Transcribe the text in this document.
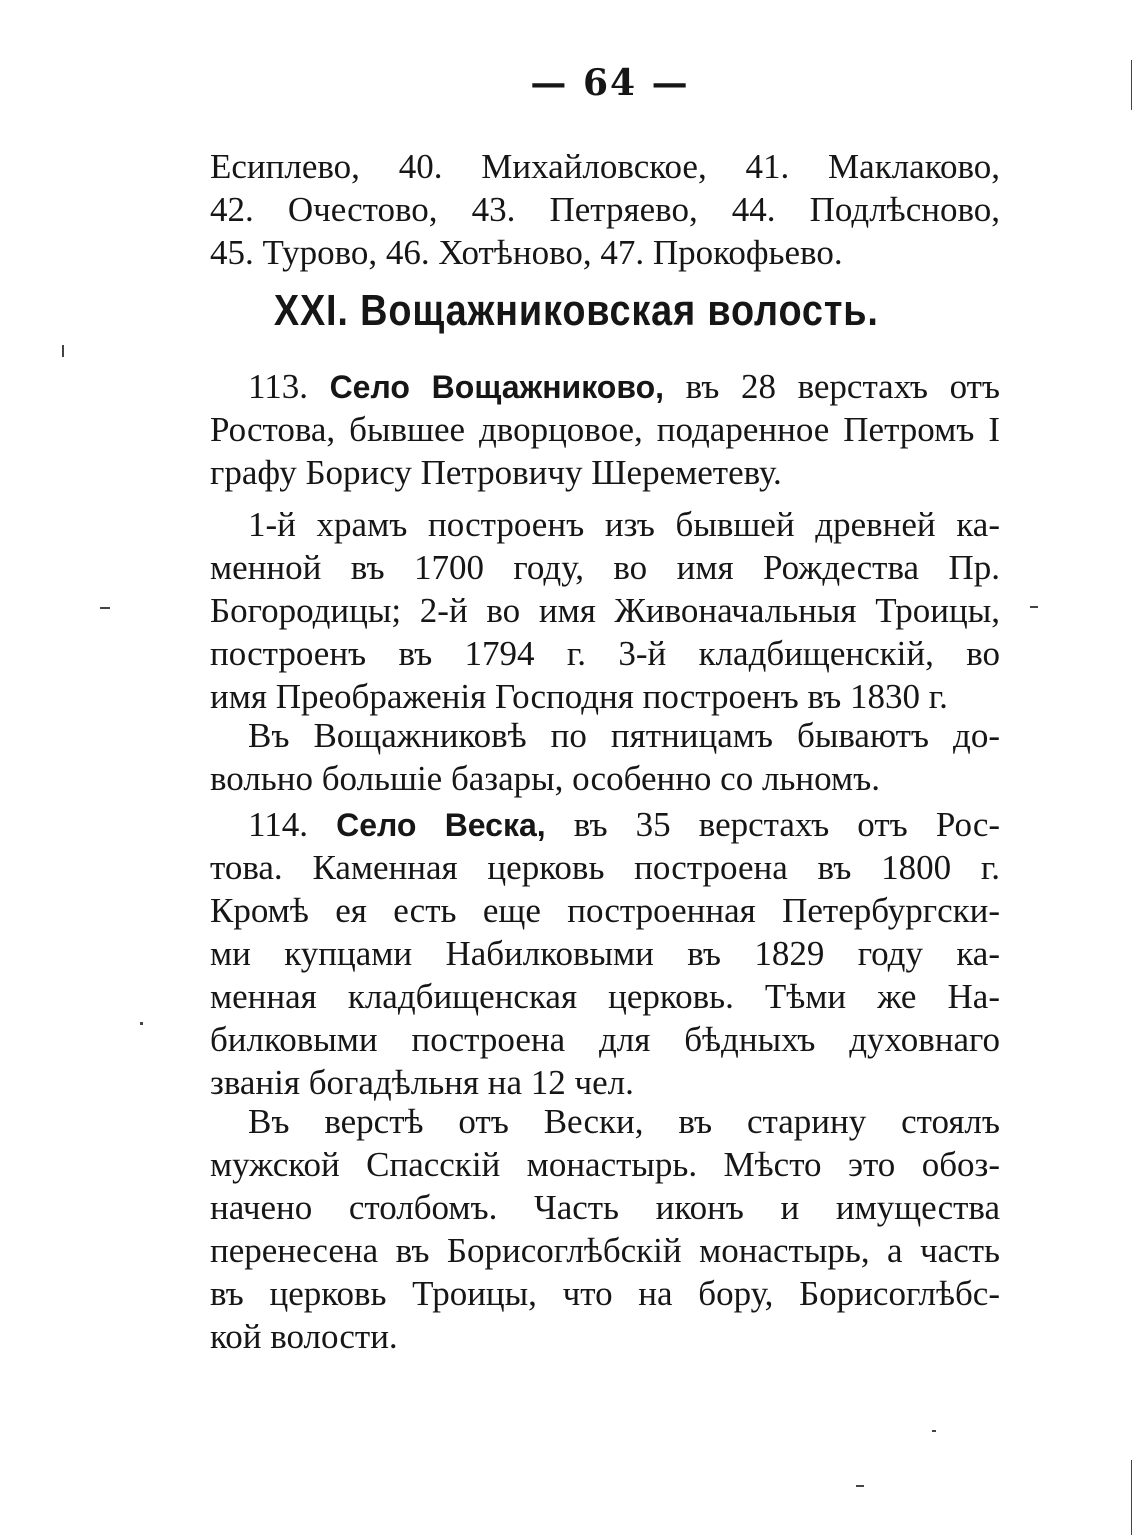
— 64 —
Есиплево, 40. Михайловское, 41. Маклаково,
42. Очестово, 43. Петряево, 44. Подлѣсново,
45. Турово, 46. Хотѣново, 47. Прокофьево.
XXI. Вощажниковская волость.
113. Село Вощажниково, въ 28 верстахъ отъ
Ростова, бывшее дворцовое, подаренное Петромъ I
графу Борису Петровичу Шереметеву.
1-й храмъ построенъ изъ бывшей древней ка-
менной въ 1700 году, во имя Рождества Пр.
Богородицы; 2-й во имя Живоначальныя Троицы,
построенъ въ 1794 г. 3-й кладбищенскій, во
имя Преображенія Господня построенъ въ 1830 г.
Въ Вощажниковѣ по пятницамъ бываютъ до-
вольно большіе базары, особенно со льномъ.
114. Село Веска, въ 35 верстахъ отъ Рос-
това. Каменная церковь построена въ 1800 г.
Кромѣ ея есть еще построенная Петербургски-
ми купцами Набилковыми въ 1829 году ка-
менная кладбищенская церковь. Тѣми же На-
билковыми построена для бѣдныхъ духовнаго
званія богадѣльня на 12 чел.
Въ верстѣ отъ Вески, въ старину стоялъ
мужской Спасскій монастырь. Мѣсто это обоз-
начено столбомъ. Часть иконъ и имущества
перенесена въ Борисоглѣбскій монастырь, а часть
въ церковь Троицы, что на бору, Борисоглѣбс-
кой волости.
